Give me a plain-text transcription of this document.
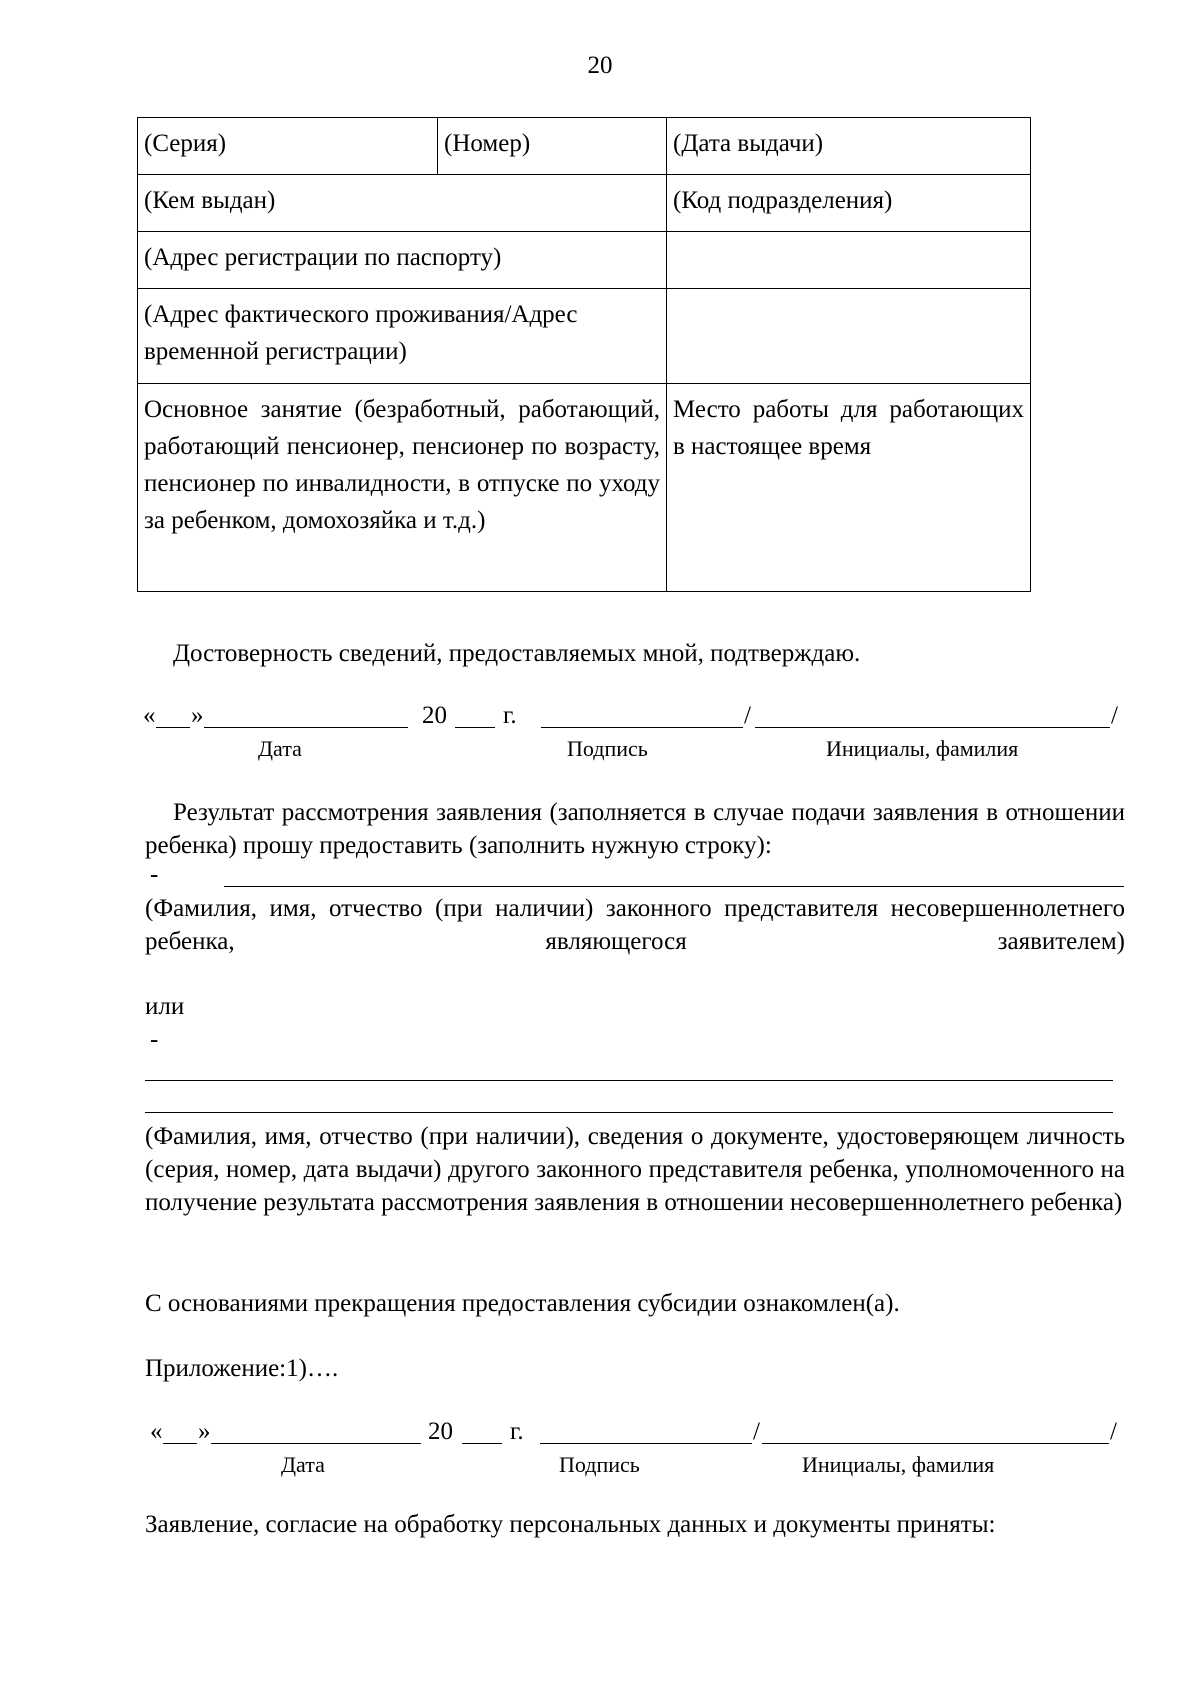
20
(Серия)	(Номер)	(Дата выдачи)
(Кем выдан)		(Код подразделения)
(Адрес регистрации по паспорту)		
(Адрес фактического проживания/Адрес временной регистрации)		
Основное занятие (безработный, работающий, работающий пенсионер, пенсионер по возрасту, пенсионер по инвалидности, в отпуске по уходу за ребенком, домохозяйка и т.д.)		Место работы для работающих в настоящее время
Достоверность сведений, предоставляемых мной, подтверждаю.
« »	20 г.	/	/
Дата	Подпись	Инициалы, фамилия
Результат рассмотрения заявления (заполняется в случае подачи заявления в отношении ребенка) прошу предоставить (заполнить нужную строку):
-
(Фамилия, имя, отчество (при наличии) законного представителя несовершеннолетнего ребенка, являющегося заявителем)
или
-
(Фамилия, имя, отчество (при наличии), сведения о документе, удостоверяющем личность (серия, номер, дата выдачи) другого законного представителя ребенка, уполномоченного на получение результата рассмотрения заявления в отношении несовершеннолетнего ребенка)
С основаниями прекращения предоставления субсидии ознакомлен(а).
Приложение:1)….
« »	20 г.	/	/
Дата	Подпись	Инициалы, фамилия
Заявление, согласие на обработку персональных данных и документы приняты:
